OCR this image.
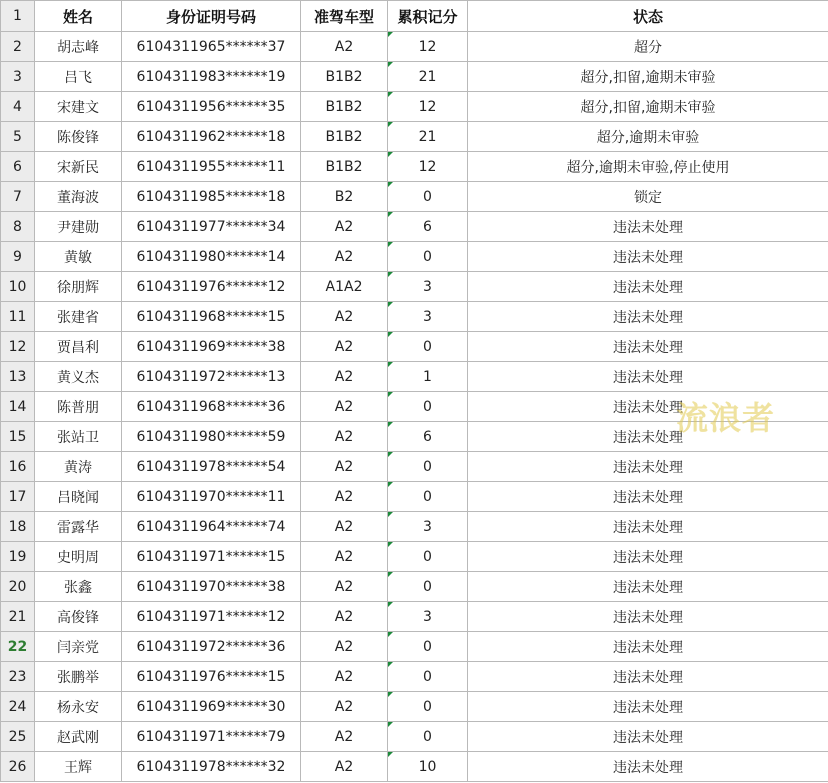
1	姓名	身份证明号码	准驾车型	累积记分	状态
2	胡志峰	6104311965******37	A2	12	超分
3	吕飞	6104311983******19	B1B2	21	超分,扣留,逾期未审验
4	宋建文	6104311956******35	B1B2	12	超分,扣留,逾期未审验
5	陈俊锋	6104311962******18	B1B2	21	超分,逾期未审验
6	宋新民	6104311955******11	B1B2	12	超分,逾期未审验,停止使用
7	董海波	6104311985******18	B2	0	锁定
8	尹建勋	6104311977******34	A2	6	违法未处理
9	黄敏	6104311980******14	A2	0	违法未处理
10	徐朋辉	6104311976******12	A1A2	3	违法未处理
11	张建省	6104311968******15	A2	3	违法未处理
12	贾昌利	6104311969******38	A2	0	违法未处理
13	黄义杰	6104311972******13	A2	1	违法未处理
14	陈普朋	6104311968******36	A2	0	违法未处理
15	张站卫	6104311980******59	A2	6	违法未处理
16	黄涛	6104311978******54	A2	0	违法未处理
17	吕晓闻	6104311970******11	A2	0	违法未处理
18	雷露华	6104311964******74	A2	3	违法未处理
19	史明周	6104311971******15	A2	0	违法未处理
20	张鑫	6104311970******38	A2	0	违法未处理
21	高俊锋	6104311971******12	A2	3	违法未处理
22	闫亲党	6104311972******36	A2	0	违法未处理
23	张鹏举	6104311976******15	A2	0	违法未处理
24	杨永安	6104311969******30	A2	0	违法未处理
25	赵武刚	6104311971******79	A2	0	违法未处理
26	王辉	6104311978******32	A2	10	违法未处理
流浪者
